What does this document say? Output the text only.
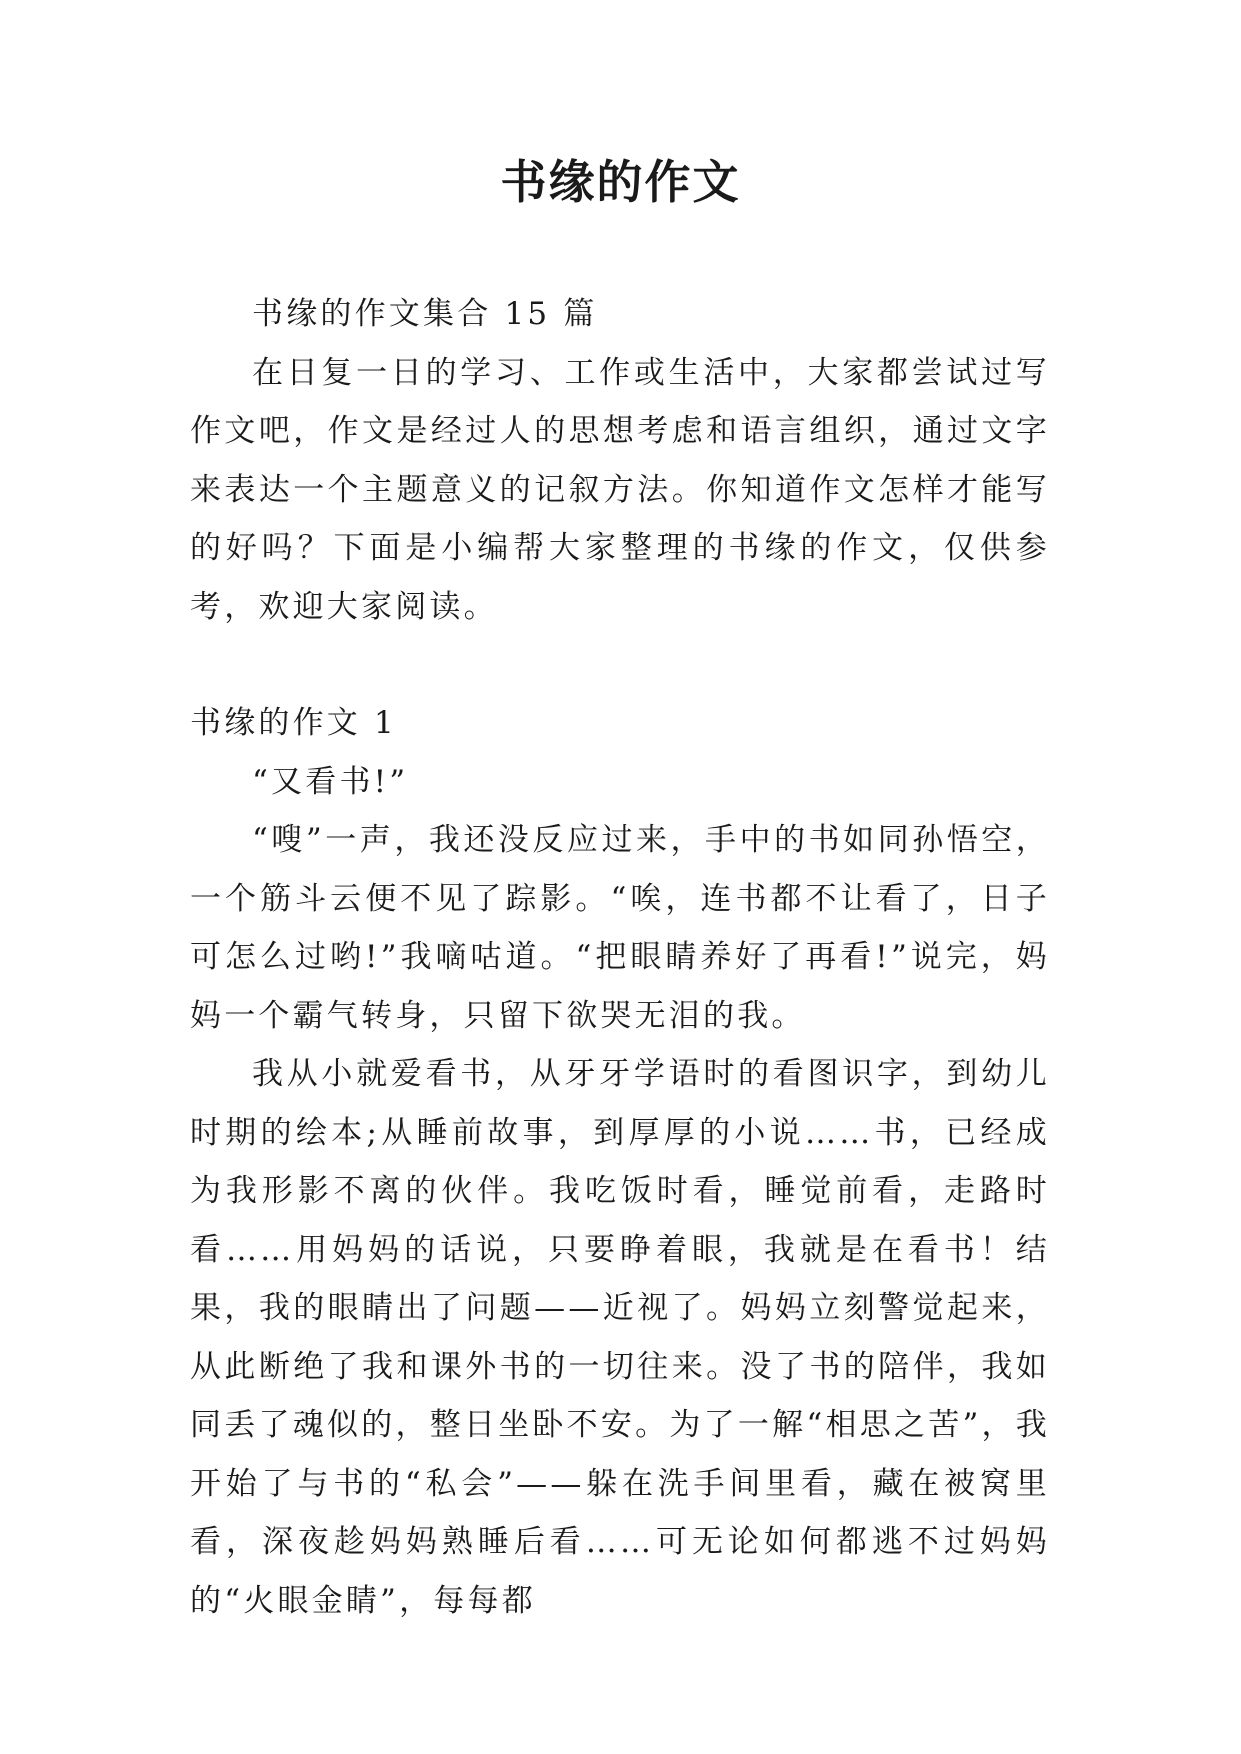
书缘的作文

书缘的作文集合 15 篇

在日复一日的学习、工作或生活中，大家都尝试过写作文吧，作文是经过人的思想考虑和语言组织，通过文字来表达一个主题意义的记叙方法。你知道作文怎样才能写的好吗？下面是小编帮大家整理的书缘的作文，仅供参考，欢迎大家阅读。

书缘的作文 1

“又看书!”

“嗖”一声，我还没反应过来，手中的书如同孙悟空，一个筋斗云便不见了踪影。“唉，连书都不让看了，日子可怎么过哟!”我嘀咕道。“把眼睛养好了再看!”说完，妈妈一个霸气转身，只留下欲哭无泪的我。

我从小就爱看书，从牙牙学语时的看图识字，到幼儿时期的绘本;从睡前故事，到厚厚的小说……书，已经成为我形影不离的伙伴。我吃饭时看，睡觉前看，走路时看……用妈妈的话说，只要睁着眼，我就是在看书！结果，我的眼睛出了问题——近视了。妈妈立刻警觉起来，从此断绝了我和课外书的一切往来。没了书的陪伴，我如同丢了魂似的，整日坐卧不安。为了一解“相思之苦”，我开始了与书的“私会”——躲在洗手间里看，藏在被窝里看，深夜趁妈妈熟睡后看……可无论如何都逃不过妈妈的“火眼金睛”，每每都
